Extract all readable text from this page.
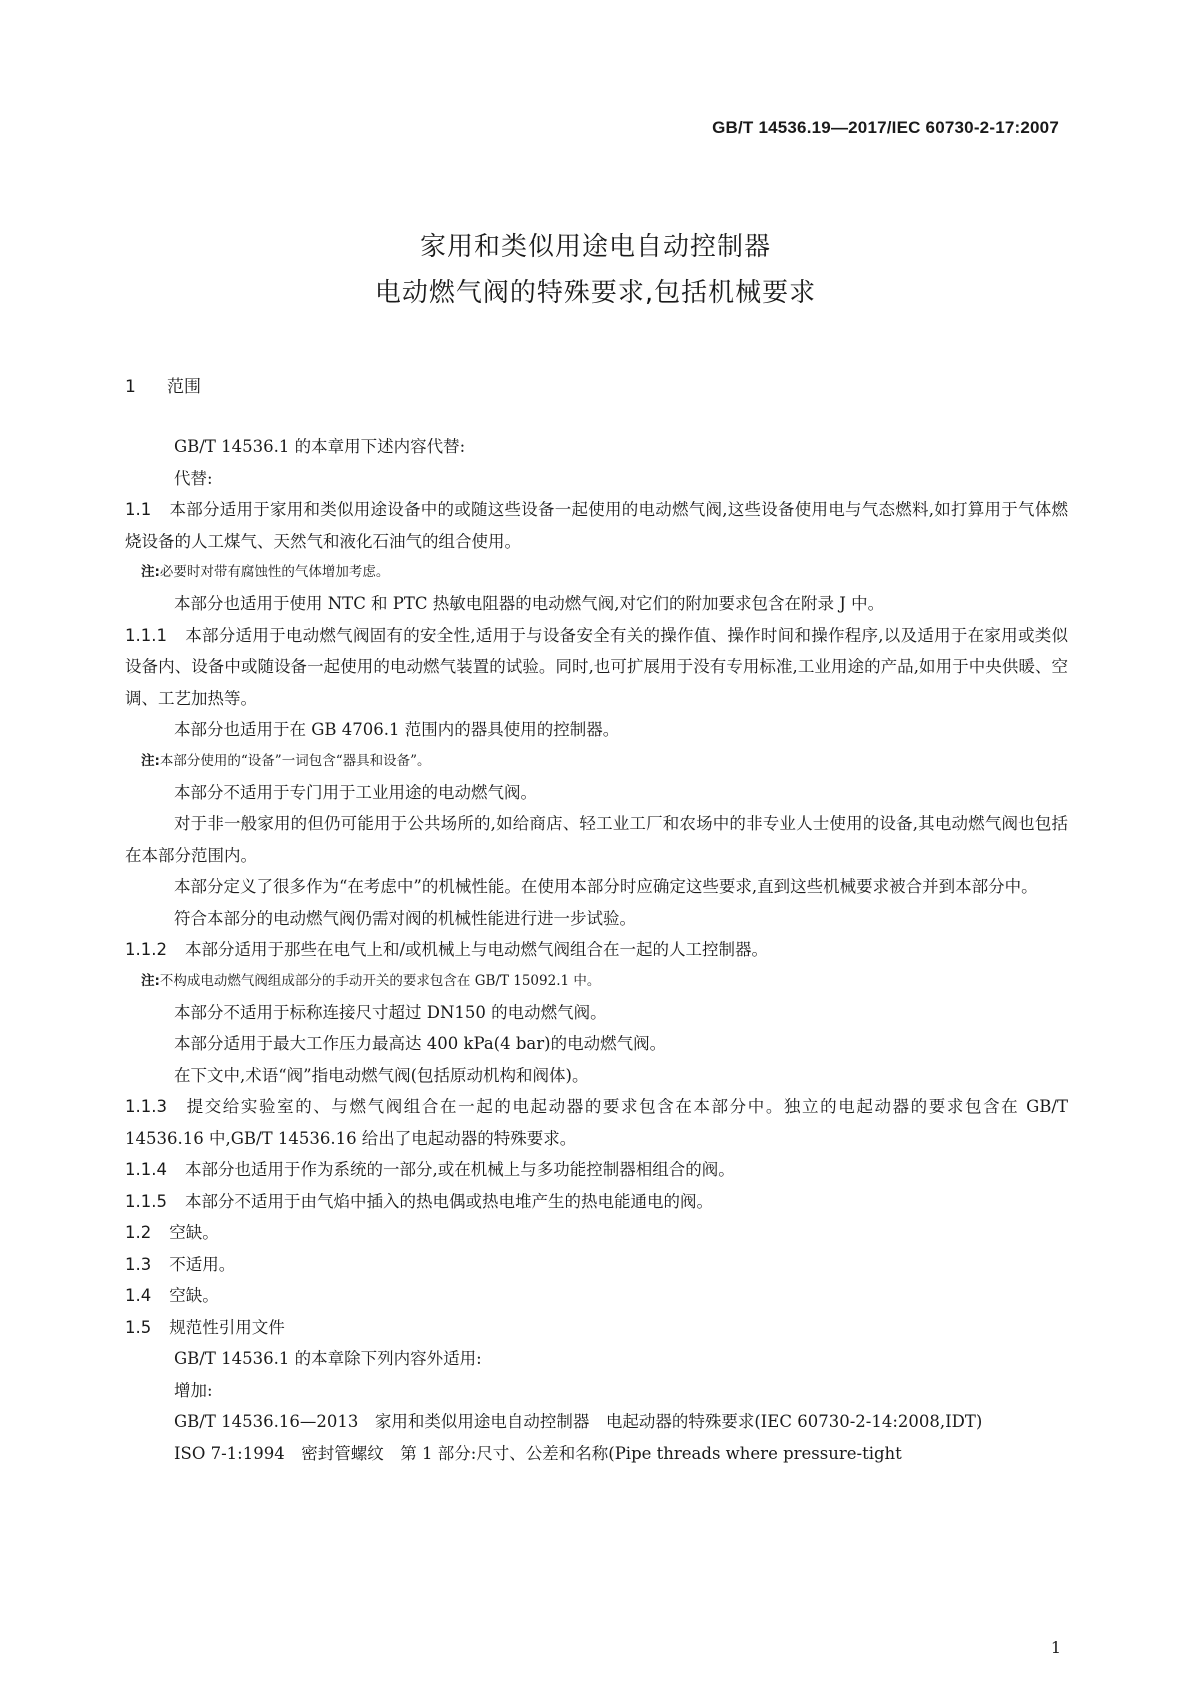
GB/T 14536.19—2017/IEC 60730-2-17:2007
家用和类似用途电自动控制器
电动燃气阀的特殊要求,包括机械要求
1 范围

GB/T 14536.1 的本章用下述内容代替:

代替:

1.1 本部分适用于家用和类似用途设备中的或随这些设备一起使用的电动燃气阀,这些设备使用电与气态燃料,如打算用于气体燃烧设备的人工煤气、天然气和液化石油气的组合使用。

注:必要时对带有腐蚀性的气体增加考虑。

本部分也适用于使用 NTC 和 PTC 热敏电阻器的电动燃气阀,对它们的附加要求包含在附录 J 中。

1.1.1 本部分适用于电动燃气阀固有的安全性,适用于与设备安全有关的操作值、操作时间和操作程序,以及适用于在家用或类似设备内、设备中或随设备一起使用的电动燃气装置的试验。同时,也可扩展用于没有专用标准,工业用途的产品,如用于中央供暖、空调、工艺加热等。

本部分也适用于在 GB 4706.1 范围内的器具使用的控制器。

注:本部分使用的“设备”一词包含“器具和设备”。

本部分不适用于专门用于工业用途的电动燃气阀。

对于非一般家用的但仍可能用于公共场所的,如给商店、轻工业工厂和农场中的非专业人士使用的设备,其电动燃气阀也包括在本部分范围内。

本部分定义了很多作为“在考虑中”的机械性能。在使用本部分时应确定这些要求,直到这些机械要求被合并到本部分中。

符合本部分的电动燃气阀仍需对阀的机械性能进行进一步试验。

1.1.2 本部分适用于那些在电气上和/或机械上与电动燃气阀组合在一起的人工控制器。

注:不构成电动燃气阀组成部分的手动开关的要求包含在 GB/T 15092.1 中。

本部分不适用于标称连接尺寸超过 DN150 的电动燃气阀。

本部分适用于最大工作压力最高达 400 kPa(4 bar)的电动燃气阀。

在下文中,术语“阀”指电动燃气阀(包括原动机构和阀体)。

1.1.3 提交给实验室的、与燃气阀组合在一起的电起动器的要求包含在本部分中。独立的电起动器的要求包含在 GB/T 14536.16 中,GB/T 14536.16 给出了电起动器的特殊要求。

1.1.4 本部分也适用于作为系统的一部分,或在机械上与多功能控制器相组合的阀。

1.1.5 本部分不适用于由气焰中插入的热电偶或热电堆产生的热电能通电的阀。

1.2 空缺。

1.3 不适用。

1.4 空缺。

1.5 规范性引用文件

GB/T 14536.1 的本章除下列内容外适用:

增加:

GB/T 14536.16—2013　家用和类似用途电自动控制器　电起动器的特殊要求(IEC 60730-2-14:2008,IDT)

ISO 7-1:1994　密封管螺纹　第 1 部分:尺寸、公差和名称(Pipe threads where pressure-tight

1
